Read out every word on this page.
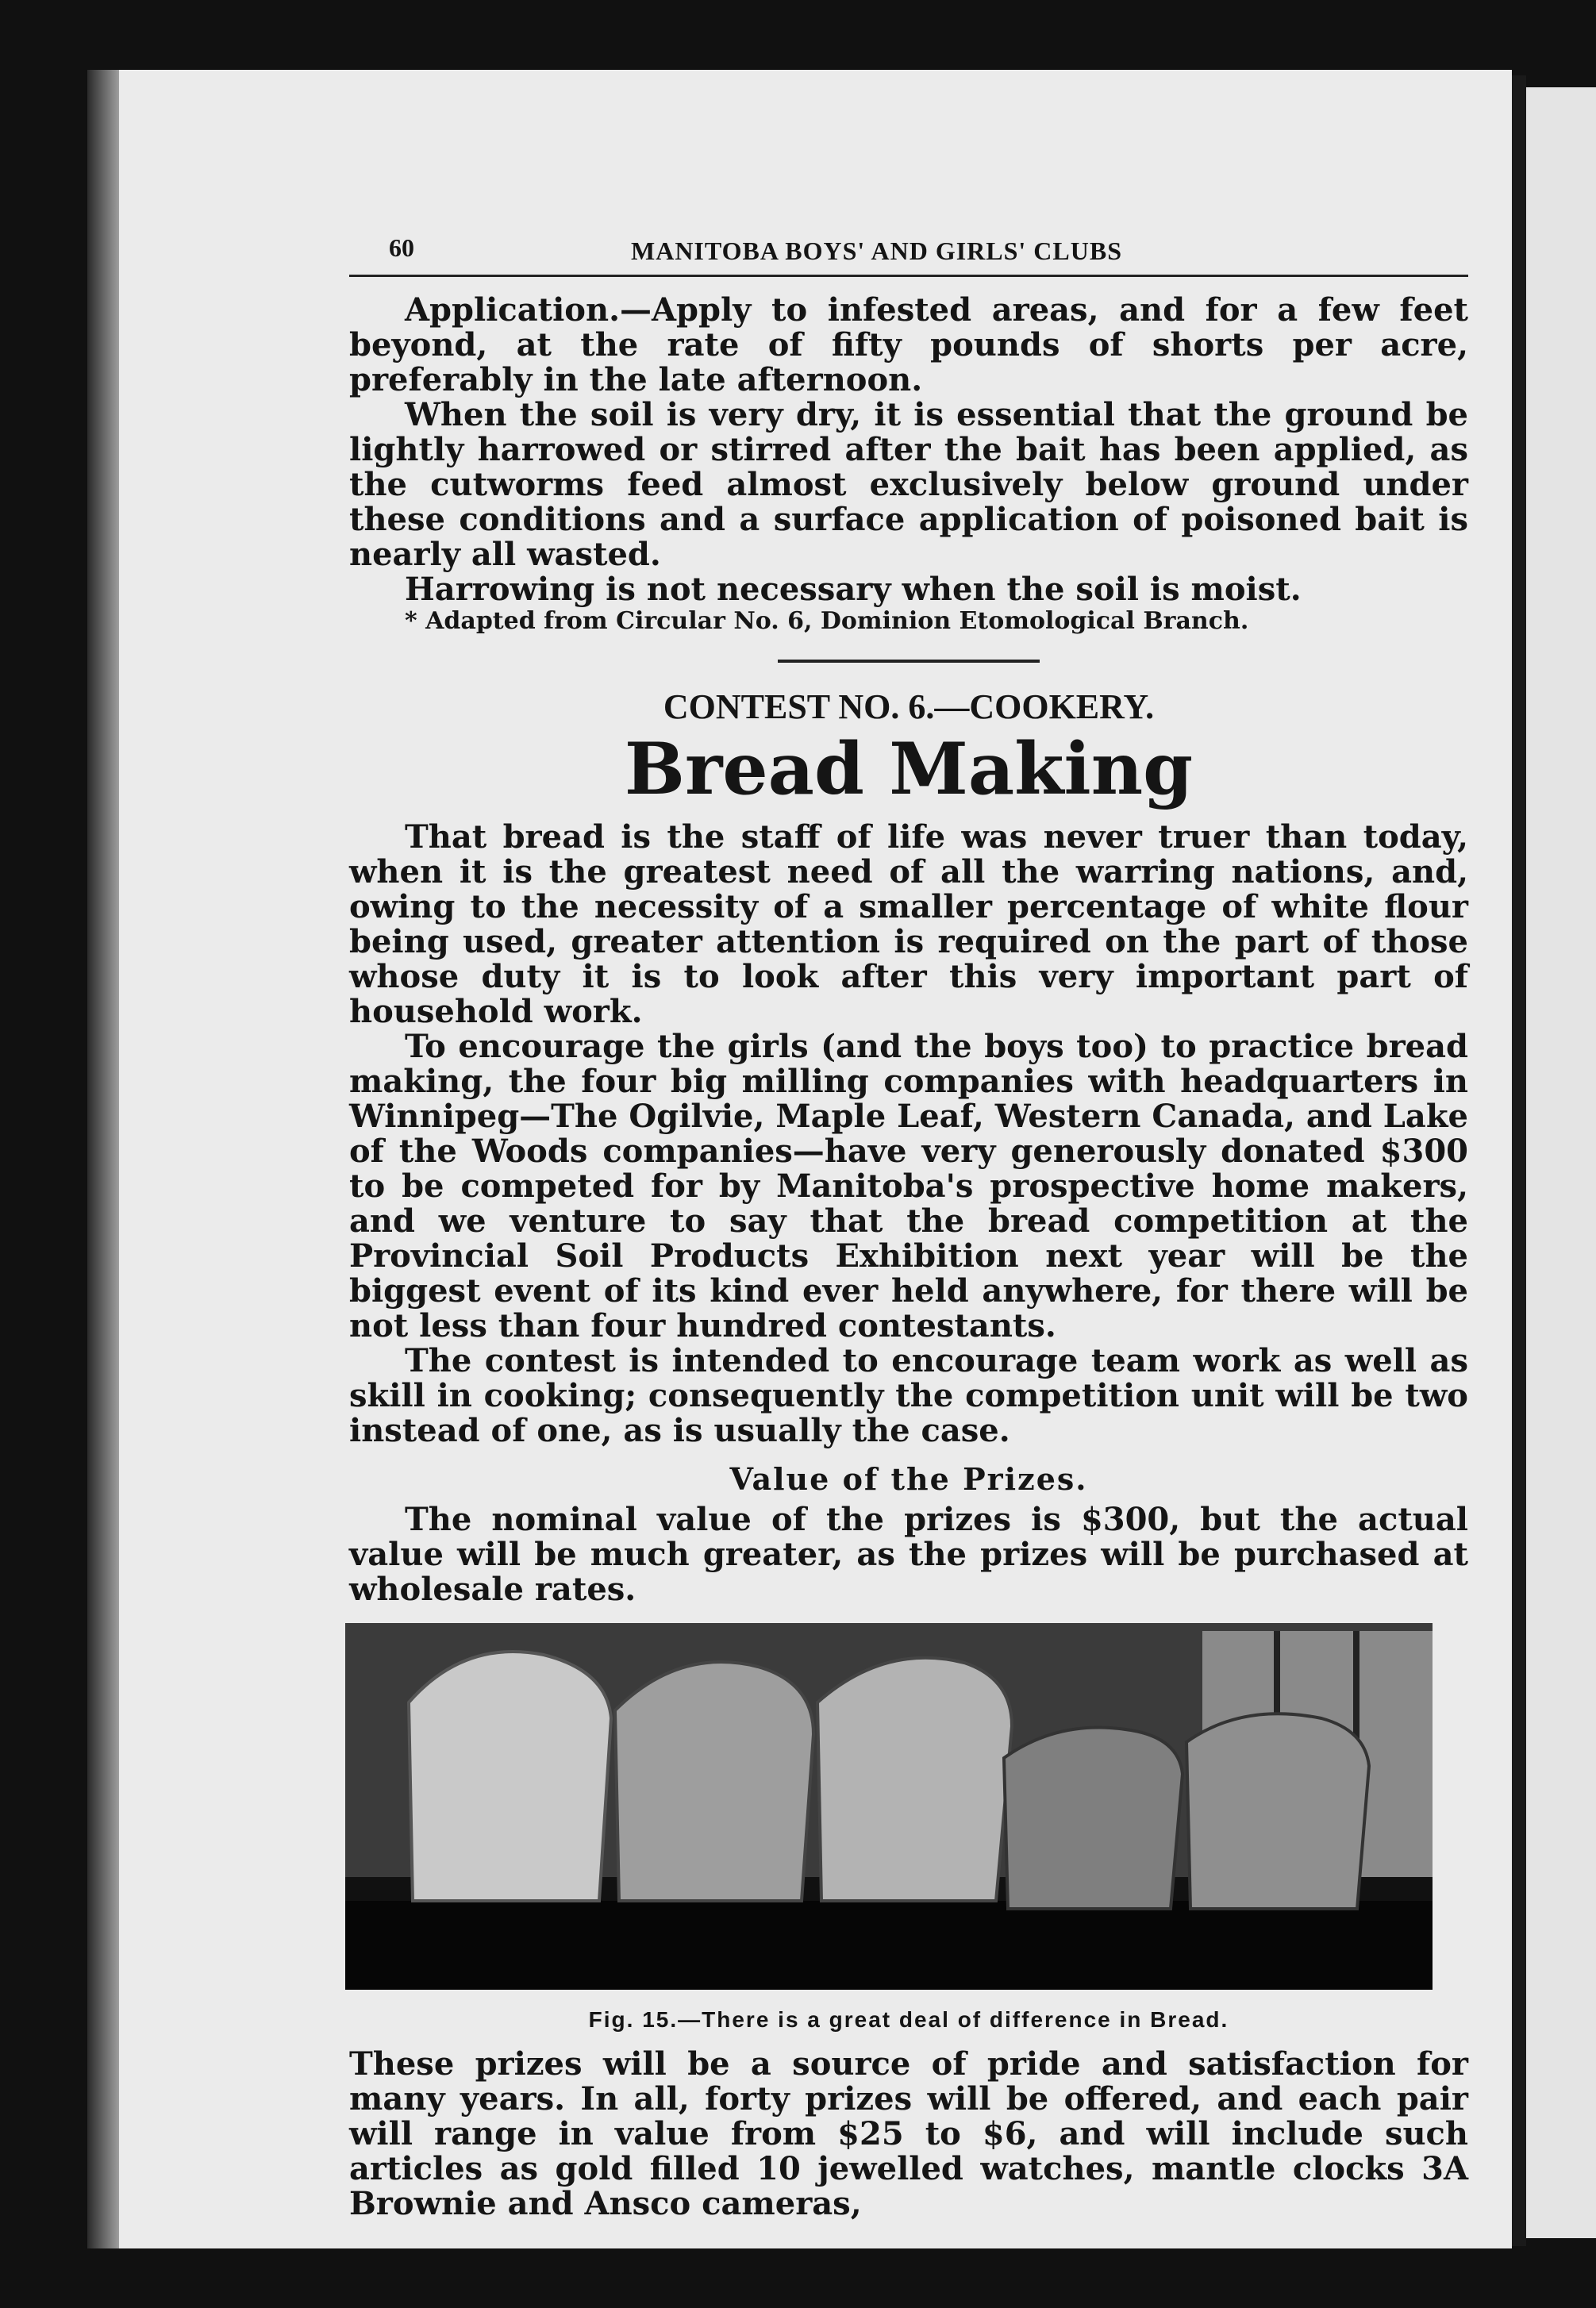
60	MANITOBA BOYS' AND GIRLS' CLUBS

Application.—Apply to infested areas, and for a few feet beyond, at the rate of fifty pounds of shorts per acre, preferably in the late afternoon.

When the soil is very dry, it is essential that the ground be lightly harrowed or stirred after the bait has been applied, as the cutworms feed almost exclusively below ground under these conditions and a surface application of poisoned bait is nearly all wasted.

Harrowing is not necessary when the soil is moist.

* Adapted from Circular No. 6, Dominion Etomological Branch.
CONTEST NO. 6.—COOKERY.
Bread Making

That bread is the staff of life was never truer than today, when it is the greatest need of all the warring nations, and, owing to the necessity of a smaller percentage of white flour being used, greater attention is required on the part of those whose duty it is to look after this very important part of household work.

To encourage the girls (and the boys too) to practice bread making, the four big milling companies with headquarters in Winnipeg—The Ogilvie, Maple Leaf, Western Canada, and Lake of the Woods companies—have very generously donated $300 to be competed for by Manitoba's prospective home makers, and we venture to say that the bread competition at the Provincial Soil Products Exhibition next year will be the biggest event of its kind ever held anywhere, for there will be not less than four hundred contestants.

The contest is intended to encourage team work as well as skill in cooking; consequently the competition unit will be two instead of one, as is usually the case.

Value of the Prizes.

The nominal value of the prizes is $300, but the actual value will be much greater, as the prizes will be purchased at wholesale rates.

Fig. 15.—There is a great deal of difference in Bread.

These prizes will be a source of pride and satisfaction for many years. In all, forty prizes will be offered, and each pair will range in value from $25 to $6, and will include such articles as gold filled 10 jewelled watches, mantle clocks 3A Brownie and Ansco cameras,
